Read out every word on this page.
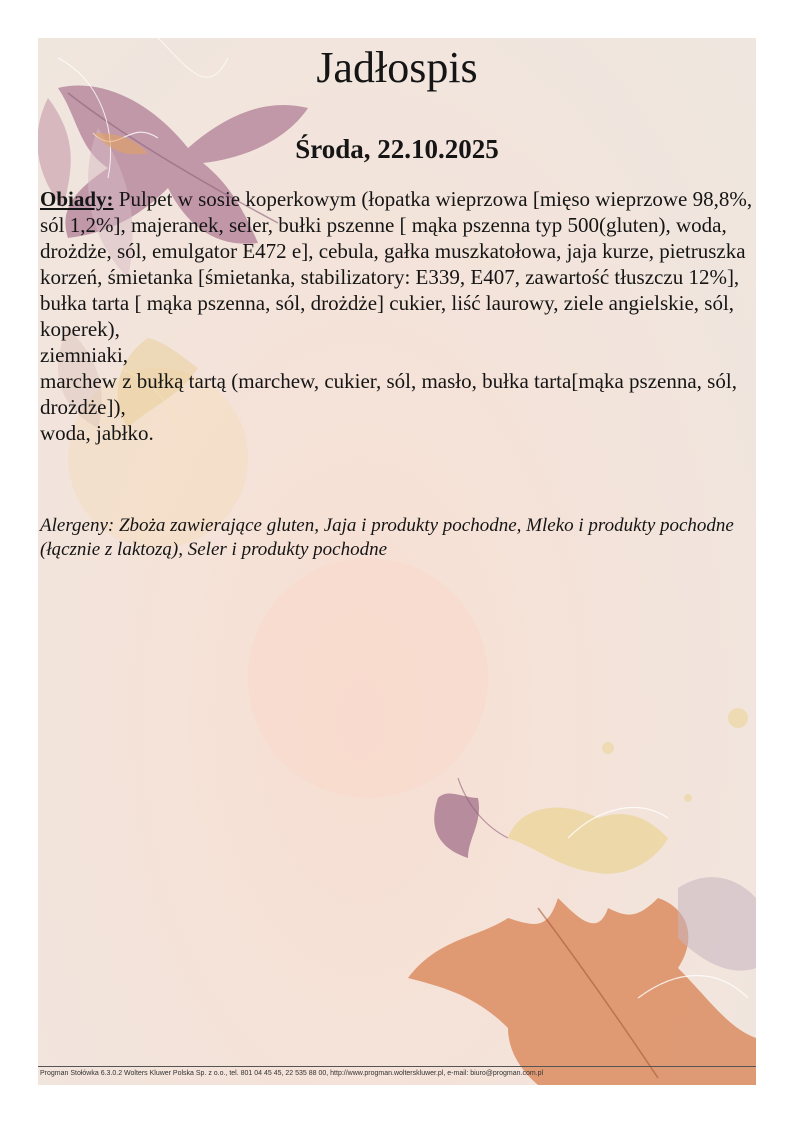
Jadłospis
Środa, 22.10.2025

Obiady: Pulpet w sosie koperkowym (łopatka wieprzowa [mięso wieprzowe 98,8%, sól 1,2%], majeranek, seler, bułki pszenne [ mąka pszenna typ 500(gluten), woda, drożdże, sól, emulgator E472 e], cebula, gałka muszkatołowa, jaja kurze, pietruszka korzeń, śmietanka [śmietanka, stabilizatory: E339, E407, zawartość tłuszczu 12%], bułka tarta [ mąka pszenna, sól, drożdże] cukier, liść laurowy, ziele angielskie, sól, koperek),

ziemniaki,

marchew z bułką tartą (marchew, cukier, sól, masło, bułka tarta[mąka pszenna, sól, drożdże]),

woda, jabłko.

Alergeny: Zboża zawierające gluten, Jaja i produkty pochodne, Mleko i produkty pochodne (łącznie z laktozą), Seler i produkty pochodne
Progman Stołówka 6.3.0.2 Wolters Kluwer Polska Sp. z o.o., tel. 801 04 45 45, 22 535 88 00, http://www.progman.wolterskluwer.pl, e-mail: biuro@progman.com.pl
